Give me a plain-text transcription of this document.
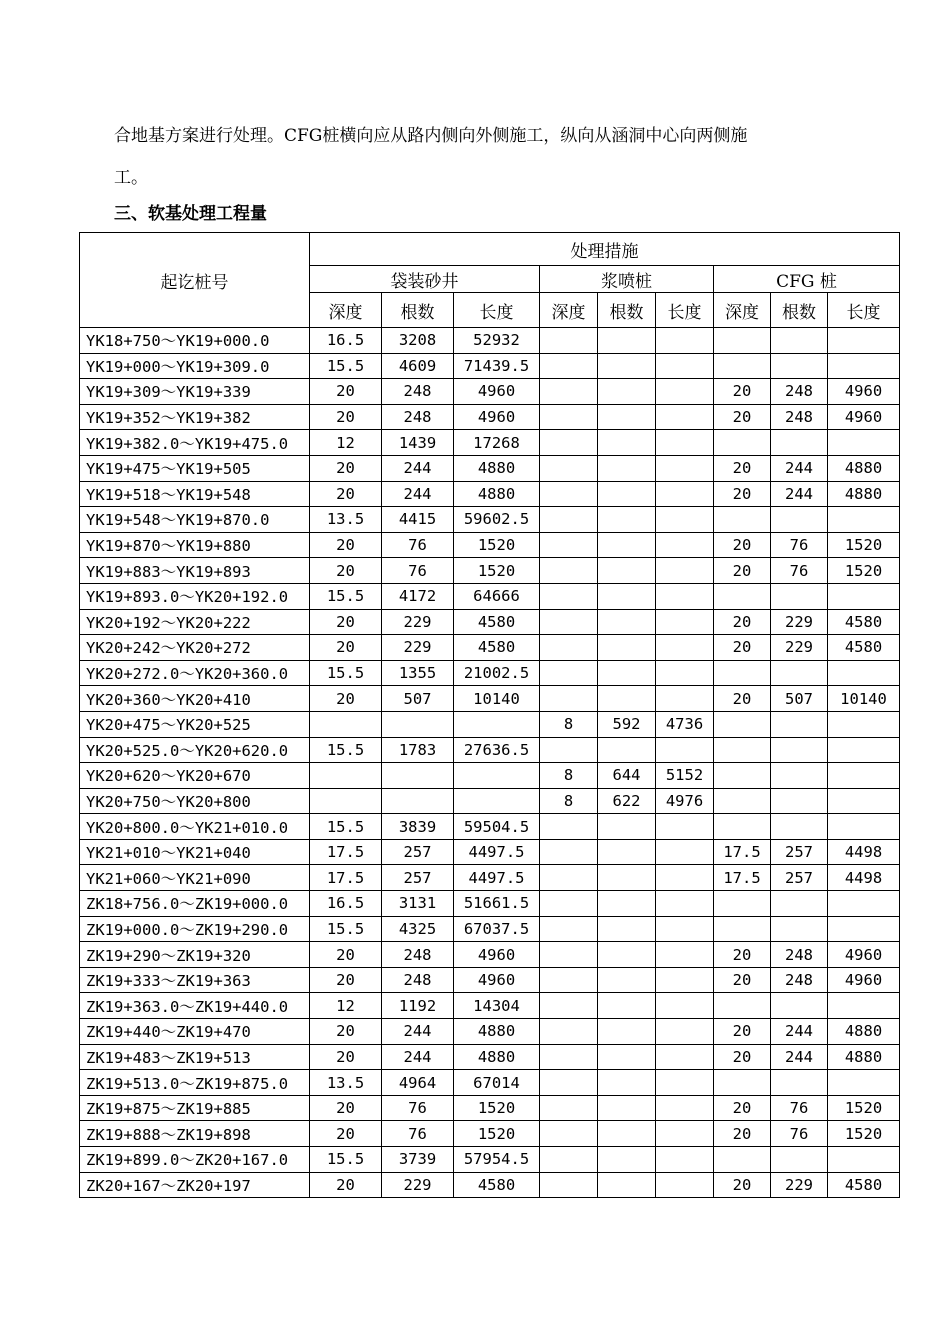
合地基方案进行处理。CFG桩横向应从路内侧向外侧施工，纵向从涵洞中心向两侧施
工。
三、软基处理工程量
起讫桩号	处理措施								
	袋装砂井			浆喷桩			CFG 桩		
	深度	根数	长度	深度	根数	长度	深度	根数	长度
YK18+750～YK19+000.0	16.5	3208	52932						
YK19+000～YK19+309.0	15.5	4609	71439.5						
YK19+309～YK19+339	20	248	4960				20	248	4960
YK19+352～YK19+382	20	248	4960				20	248	4960
YK19+382.0～YK19+475.0	12	1439	17268						
YK19+475～YK19+505	20	244	4880				20	244	4880
YK19+518～YK19+548	20	244	4880				20	244	4880
YK19+548～YK19+870.0	13.5	4415	59602.5						
YK19+870～YK19+880	20	76	1520				20	76	1520
YK19+883～YK19+893	20	76	1520				20	76	1520
YK19+893.0～YK20+192.0	15.5	4172	64666						
YK20+192～YK20+222	20	229	4580				20	229	4580
YK20+242～YK20+272	20	229	4580				20	229	4580
YK20+272.0～YK20+360.0	15.5	1355	21002.5						
YK20+360～YK20+410	20	507	10140				20	507	10140
YK20+475～YK20+525				8	592	4736			
YK20+525.0～YK20+620.0	15.5	1783	27636.5						
YK20+620～YK20+670				8	644	5152			
YK20+750～YK20+800				8	622	4976			
YK20+800.0～YK21+010.0	15.5	3839	59504.5						
YK21+010～YK21+040	17.5	257	4497.5				17.5	257	4498
YK21+060～YK21+090	17.5	257	4497.5				17.5	257	4498
ZK18+756.0～ZK19+000.0	16.5	3131	51661.5						
ZK19+000.0～ZK19+290.0	15.5	4325	67037.5						
ZK19+290～ZK19+320	20	248	4960				20	248	4960
ZK19+333～ZK19+363	20	248	4960				20	248	4960
ZK19+363.0～ZK19+440.0	12	1192	14304						
ZK19+440～ZK19+470	20	244	4880				20	244	4880
ZK19+483～ZK19+513	20	244	4880				20	244	4880
ZK19+513.0～ZK19+875.0	13.5	4964	67014						
ZK19+875～ZK19+885	20	76	1520				20	76	1520
ZK19+888～ZK19+898	20	76	1520				20	76	1520
ZK19+899.0～ZK20+167.0	15.5	3739	57954.5						
ZK20+167～ZK20+197	20	229	4580				20	229	4580
